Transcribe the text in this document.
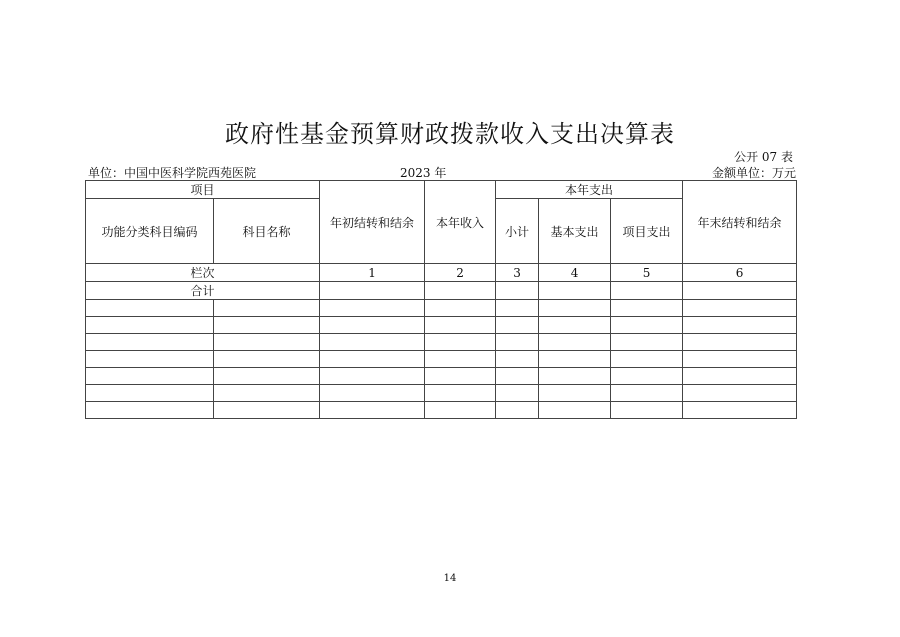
政府性基金预算财政拨款收入支出决算表
公开 07 表
单位：中国中医科学院西苑医院	2023 年	金额单位：万元
项目		年初结转和结余	本年收入	本年支出			年末结转和结余
功能分类科目编码	科目名称			小计	基本支出	项目支出	
栏次		1	2	3	4	5	6
合计							

14
